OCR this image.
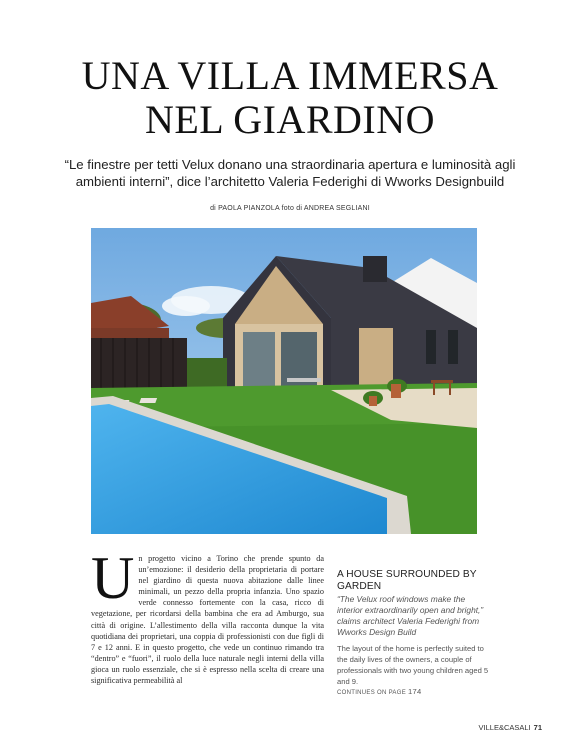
UNA VILLA IMMERSA
NEL GIARDINO
“Le finestre per tetti Velux donano una straordinaria apertura e luminosità agli ambienti interni”, dice l’architetto Valeria Federighi di Wworks Designbuild
di PAOLA PIANZOLA foto di ANDREA SEGLIANI
Un progetto vicino a Torino che prende spunto da un’emozione: il desiderio della proprietaria di portare nel giardino di questa nuova abitazione dalle linee minimali, un pezzo della propria infanzia. Uno spazio verde connesso fortemente con la casa, ricco di vegetazione, per ricordarsi della bambina che era ad Amburgo, sua città di origine. L’allestimento della villa racconta dunque la vita quotidiana dei proprietari, una coppia di professionisti con due figli di 7 e 12 anni. E in questo progetto, che vede un continuo rimando tra “dentro” e “fuori”, il ruolo della luce naturale negli interni della villa gioca un ruolo essenziale, che si è espresso nella scelta di creare una significativa permeabilità al
A HOUSE SURROUNDED BY GARDEN
“The Velux roof windows make the interior extraordinarily open and bright,” claims architect Valeria Federighi from Wworks Design Build
The layout of the home is perfectly suited to the daily lives of the owners, a couple of professionals with two young children aged 5 and 9.
CONTINUES ON PAGE 174
VILLE&CASALI 71
